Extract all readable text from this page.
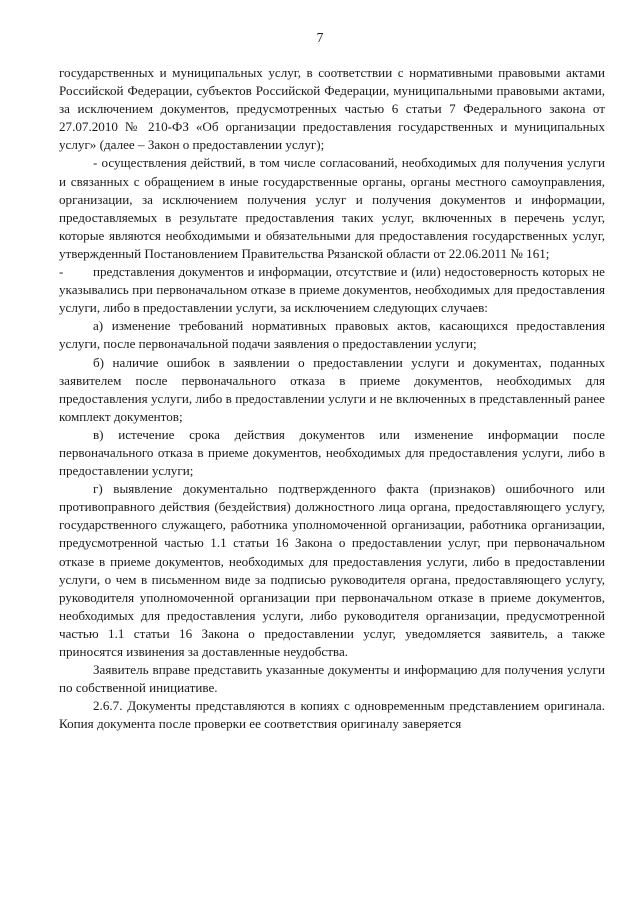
7

государственных и муниципальных услуг, в соответствии с нормативными правовыми актами Российской Федерации, субъектов Российской Федерации, муниципальными правовыми актами, за исключением документов, предусмотренных частью 6 статьи 7 Федерального закона от 27.07.2010 № 210-ФЗ «Об организации предоставления государственных и муниципальных услуг» (далее – Закон о предоставлении услуг);

- осуществления действий, в том числе согласований, необходимых для получения услуги и связанных с обращением в иные государственные органы, органы местного самоуправления, организации, за исключением получения услуг и получения документов и информации, предоставляемых в результате предоставления таких услуг, включенных в перечень услуг, которые являются необходимыми и обязательными для предоставления государственных услуг, утвержденный Постановлением Правительства Рязанской области от 22.06.2011 № 161;

- представления документов и информации, отсутствие и (или) недостоверность которых не указывались при первоначальном отказе в приеме документов, необходимых для предоставления услуги, либо в предоставлении услуги, за исключением следующих случаев:

а) изменение требований нормативных правовых актов, касающихся предоставления услуги, после первоначальной подачи заявления о предоставлении услуги;

б) наличие ошибок в заявлении о предоставлении услуги и документах, поданных заявителем после первоначального отказа в приеме документов, необходимых для предоставления услуги, либо в предоставлении услуги и не включенных в представленный ранее комплект документов;

в) истечение срока действия документов или изменение информации после первоначального отказа в приеме документов, необходимых для предоставления услуги, либо в предоставлении услуги;

г) выявление документально подтвержденного факта (признаков) ошибочного или противоправного действия (бездействия) должностного лица органа, предоставляющего услугу, государственного служащего, работника уполномоченной организации, работника организации, предусмотренной частью 1.1 статьи 16 Закона о предоставлении услуг, при первоначальном отказе в приеме документов, необходимых для предоставления услуги, либо в предоставлении услуги, о чем в письменном виде за подписью руководителя органа, предоставляющего услугу, руководителя уполномоченной организации при первоначальном отказе в приеме документов, необходимых для предоставления услуги, либо руководителя организации, предусмотренной частью 1.1 статьи 16 Закона о предоставлении услуг, уведомляется заявитель, а также приносятся извинения за доставленные неудобства.

Заявитель вправе представить указанные документы и информацию для получения услуги по собственной инициативе.

2.6.7. Документы представляются в копиях с одновременным представлением оригинала. Копия документа после проверки ее соответствия оригиналу заверяется
